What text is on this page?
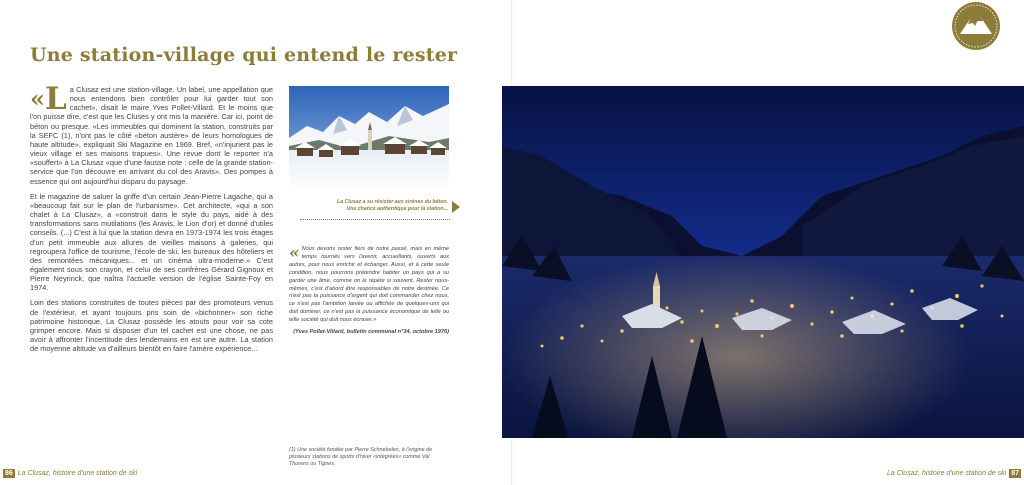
Une station-village qui entend le rester

«L a Clusaz est une station-village. Un label, une appellation que nous entendons bien contrôler pour lui garder tout son cachet», disait le maire Yves Pollet-Villard. Et le moins que l'on puisse dire, c'est que les Cluses y ont mis la manière. Car ici, point de béton ou presque. «Les immeubles qui dominent la station, construits par la SEFC (1), n'ont pas le côté «béton austère» de leurs homologues de haute altitude», expliquait Ski Magazine en 1969. Bref, «n'injurient pas le vieux village et ses maisons trapues». Une revue dont le reporter n'a «souffert» à La Clusaz «que d'une fausse note : celle de la grande station-service que l'on découvre en arrivant du col des Aravis». Des pompes à essence qui ont aujourd'hui disparu du paysage.

Et le magazine de saluer la griffe d'un certain Jean-Pierre Lagache, qui a «beaucoup fait sur le plan de l'urbanisme». Cet architecte, «qui a son chalet à La Clusaz», a «construit dans le style du pays, aidé à des transformations sans mutilations (les Aravis, le Lion d'or) et donné d'utiles conseils. (...) C'est à lui que la station devra en 1973-1974 les trois étages d'un petit immeuble aux allures de vieilles maisons à galeries, qui regroupera l'office de tourisme, l'école de ski, les bureaux des hôteliers et des remontées mécaniques... et un cinéma ultra-moderne.» C'est également sous son crayon, et celui de ses confrères Gérard Gignoux et Pierre Neyrinck, que naîtra l'actuelle version de l'église Sainte-Foy en 1974.

Loin des stations construites de toutes pièces par des promoteurs venus de l'extérieur, et ayant toujours pris soin de «bichonner» son riche patrimoine historique, La Clusaz possède les atouts pour voir sa cote grimper encore. Mais si disposer d'un tel cachet est une chose, ne pas avoir à affronter l'incertitude des lendemains en est une autre. La station de moyenne altitude va d'ailleurs bientôt en faire l'amère expérience...

La Clusaz a su résister aux sirènes du béton. Une chance authentique pour la station...
« Nous devons rester fiers de notre passé, mais en même temps tournés vers l'avenir, accueillants, ouverts aux autres, pour nous enrichir et échanger. Aussi, et à cette seule condition, nous pourrons prétendre habiter un pays qui a su garder une âme, comme on le répète si souvent. Rester nous-mêmes, c'est d'abord être responsables de notre destinée. Ce n'est pas la puissance d'argent qui doit commander chez nous, ce n'est pas l'ambition larvée ou affichée de quelques-uns qui doit dominer, ce n'est pas la puissance économique de telle ou telle société qui doit nous écraser.»
(Yves Pollet-Villard, bulletin communal n°34, octobre 1976)
(1) Une société fondée par Pierre Schnebelen, à l'origine de plusieurs stations de sports d'hiver «intégrées» comme Val Thorens ou Tignes.
86 La Clusaz, histoire d'une station de ski	La Clusaz, histoire d'une station de ski 87
